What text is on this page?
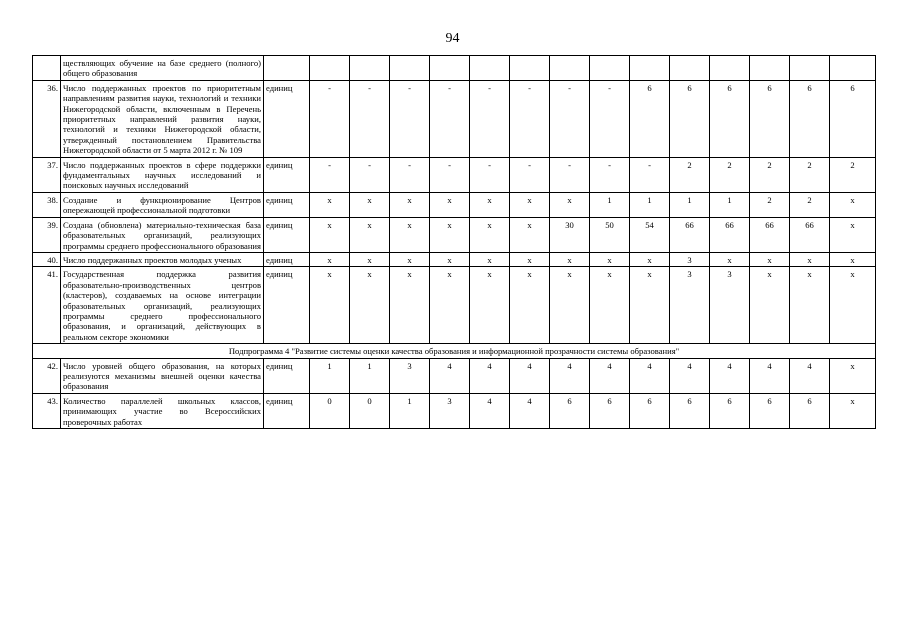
94
	ществляющих обучение на базе среднего (полного) общего образования															
36.	Число поддержанных проектов по приоритетным направлениям развития науки, технологий и техники Нижегородской области, включенным в Перечень приоритетных направлений развития науки, технологий и техники Нижегородской области, утвержденный постановлением Правительства Нижегородской области от 5 марта 2012 г. № 109	единиц	-	-	-	-	-	-	-	-	6	6	6	6	6	6
37.	Число поддержанных проектов в сфере поддержки фундаментальных научных исследований и поисковых научных исследований	единиц	-	-	-	-	-	-	-	-	-	2	2	2	2	2
38.	Создание и функционирование Центров опережающей профессиональной подготовки	единиц	x	x	x	x	x	x	x	1	1	1	1	2	2	x
39.	Создана (обновлена) материально-техническая база образовательных организаций, реализующих программы среднего профессионального образования	единиц	x	x	x	x	x	x	30	50	54	66	66	66	66	x
40.	Число поддержанных проектов молодых ученых	единиц	x	x	x	x	x	x	x	x	x	3	x	x	x	x
41.	Государственная поддержка развития образовательно-производственных центров (кластеров), создаваемых на основе интеграции образовательных организаций, реализующих программы среднего профессионального образования, и организаций, действующих в реальном секторе экономики	единиц	x	x	x	x	x	x	x	x	x	3	3	x	x	x
Подпрограмма 4 "Развитие системы оценки качества образования и информационной прозрачности системы образования"																
42.	Число уровней общего образования, на которых реализуются механизмы внешней оценки качества образования	единиц	1	1	3	4	4	4	4	4	4	4	4	4	4	x
43.	Количество параллелей школьных классов, принимающих участие во Всероссийских проверочных работах	единиц	0	0	1	3	4	4	6	6	6	6	6	6	6	x
